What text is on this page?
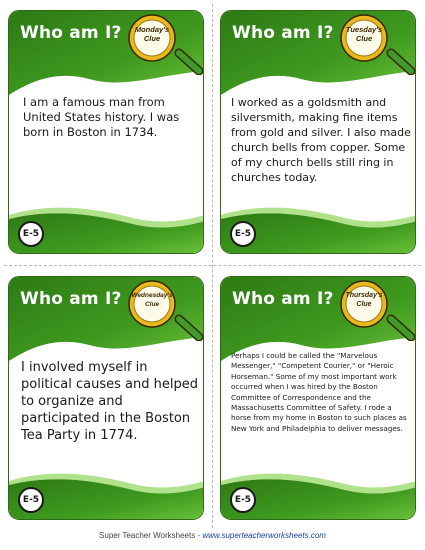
Who am I?	Monday's
Clue
I am a famous man from United States history. I was born in Boston in 1734.
E-5
Who am I?	Tuesday's
Clue
I worked as a goldsmith and silversmith, making fine items from gold and silver. I also made church bells from copper. Some of my church bells still ring in churches today.
E-5
Who am I? Wednesday's
Clue
I involved myself in political causes and helped to organize and participated in the Boston Tea Party in 1774.
E-5
Who am I?	Thursday's
Clue
Perhaps I could be called the "Marvelous Messenger," "Competent Courier," or "Heroic Horseman." Some of my most important work occurred when I was hired by the Boston Committee of Correspondence and the Massachusetts Committee of Safety. I rode a horse from my home in Boston to such places as New York and Philadelphia to deliver messages.
E-5
Super Teacher Worksheets - www.superteacherworksheets.com
